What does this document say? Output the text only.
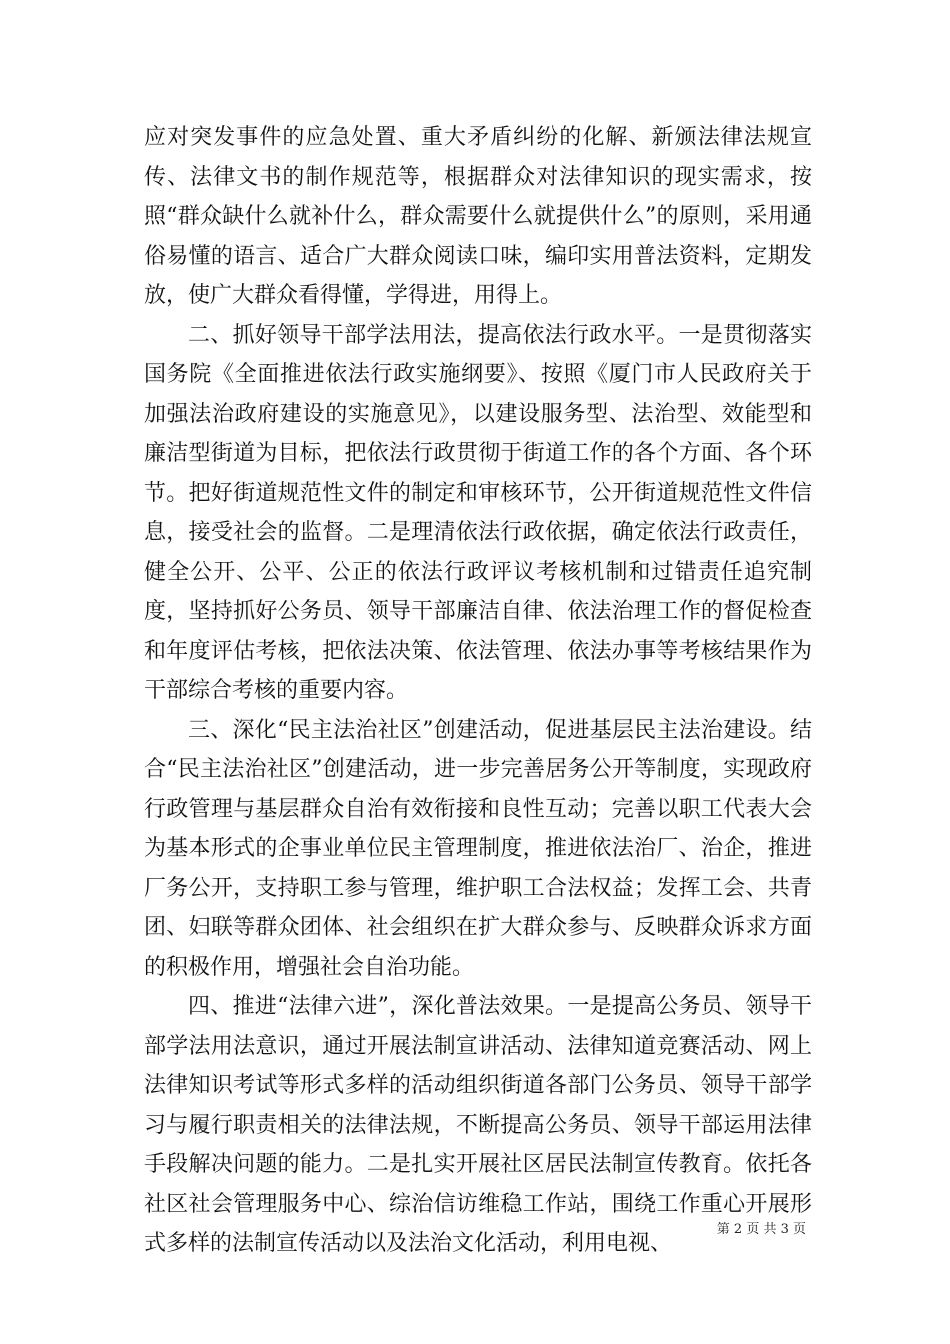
应对突发事件的应急处置、重大矛盾纠纷的化解、新颁法律法规宣传、法律文书的制作规范等，根据群众对法律知识的现实需求，按照“群众缺什么就补什么，群众需要什么就提供什么”的原则，采用通俗易懂的语言、适合广大群众阅读口味，编印实用普法资料，定期发放，使广大群众看得懂，学得进，用得上。

二、抓好领导干部学法用法，提高依法行政水平。一是贯彻落实国务院《全面推进依法行政实施纲要》、按照《厦门市人民政府关于加强法治政府建设的实施意见》，以建设服务型、法治型、效能型和廉洁型街道为目标，把依法行政贯彻于街道工作的各个方面、各个环节。把好街道规范性文件的制定和审核环节，公开街道规范性文件信息，接受社会的监督。二是理清依法行政依据，确定依法行政责任，健全公开、公平、公正的依法行政评议考核机制和过错责任追究制度，坚持抓好公务员、领导干部廉洁自律、依法治理工作的督促检查和年度评估考核，把依法决策、依法管理、依法办事等考核结果作为干部综合考核的重要内容。

三、深化“民主法治社区”创建活动，促进基层民主法治建设。结合“民主法治社区”创建活动，进一步完善居务公开等制度，实现政府行政管理与基层群众自治有效衔接和良性互动；完善以职工代表大会为基本形式的企事业单位民主管理制度，推进依法治厂、治企，推进厂务公开，支持职工参与管理，维护职工合法权益；发挥工会、共青团、妇联等群众团体、社会组织在扩大群众参与、反映群众诉求方面的积极作用，增强社会自治功能。

四、推进“法律六进”，深化普法效果。一是提高公务员、领导干部学法用法意识，通过开展法制宣讲活动、法律知道竞赛活动、网上法律知识考试等形式多样的活动组织街道各部门公务员、领导干部学习与履行职责相关的法律法规，不断提高公务员、领导干部运用法律手段解决问题的能力。二是扎实开展社区居民法制宣传教育。依托各社区社会管理服务中心、综治信访维稳工作站，围绕工作重心开展形式多样的法制宣传活动以及法治文化活动，利用电视、

第 2 页 共 3 页
